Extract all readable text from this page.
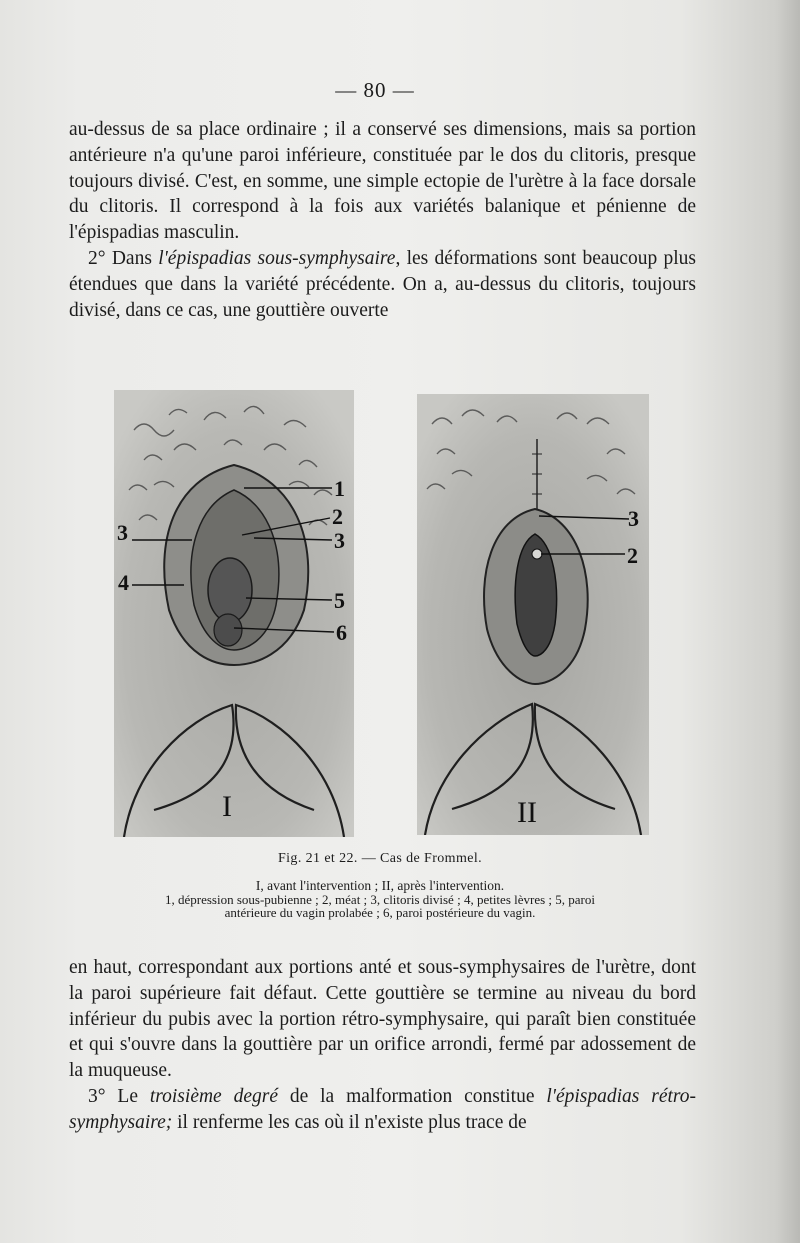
— 80 —

au-dessus de sa place ordinaire ; il a conservé ses dimensions, mais sa portion antérieure n'a qu'une paroi inférieure, constituée par le dos du clitoris, presque toujours divisé. C'est, en somme, une simple ectopie de l'urètre à la face dorsale du clitoris. Il correspond à la fois aux variétés balanique et pénienne de l'épispadias masculin.

2° Dans l'épispadias sous-symphysaire, les déformations sont beaucoup plus étendues que dans la variété précédente. On a, au-dessus du clitoris, toujours divisé, dans ce cas, une gouttière ouverte

1
2
3
3
4
5
6
I
3
2
II
Fig. 21 et 22. — Cas de Frommel.
I, avant l'intervention ; II, après l'intervention.
1, dépression sous-pubienne ; 2, méat ; 3, clitoris divisé ; 4, petites lèvres ; 5, paroi
antérieure du vagin prolabée ; 6, paroi postérieure du vagin.

en haut, correspondant aux portions anté et sous-symphysaires de l'urètre, dont la paroi supérieure fait défaut. Cette gouttière se termine au niveau du bord inférieur du pubis avec la portion rétro-symphysaire, qui paraît bien constituée et qui s'ouvre dans la gouttière par un orifice arrondi, fermé par adossement de la muqueuse.

3° Le troisième degré de la malformation constitue l'épispadias rétro-symphysaire; il renferme les cas où il n'existe plus trace de
